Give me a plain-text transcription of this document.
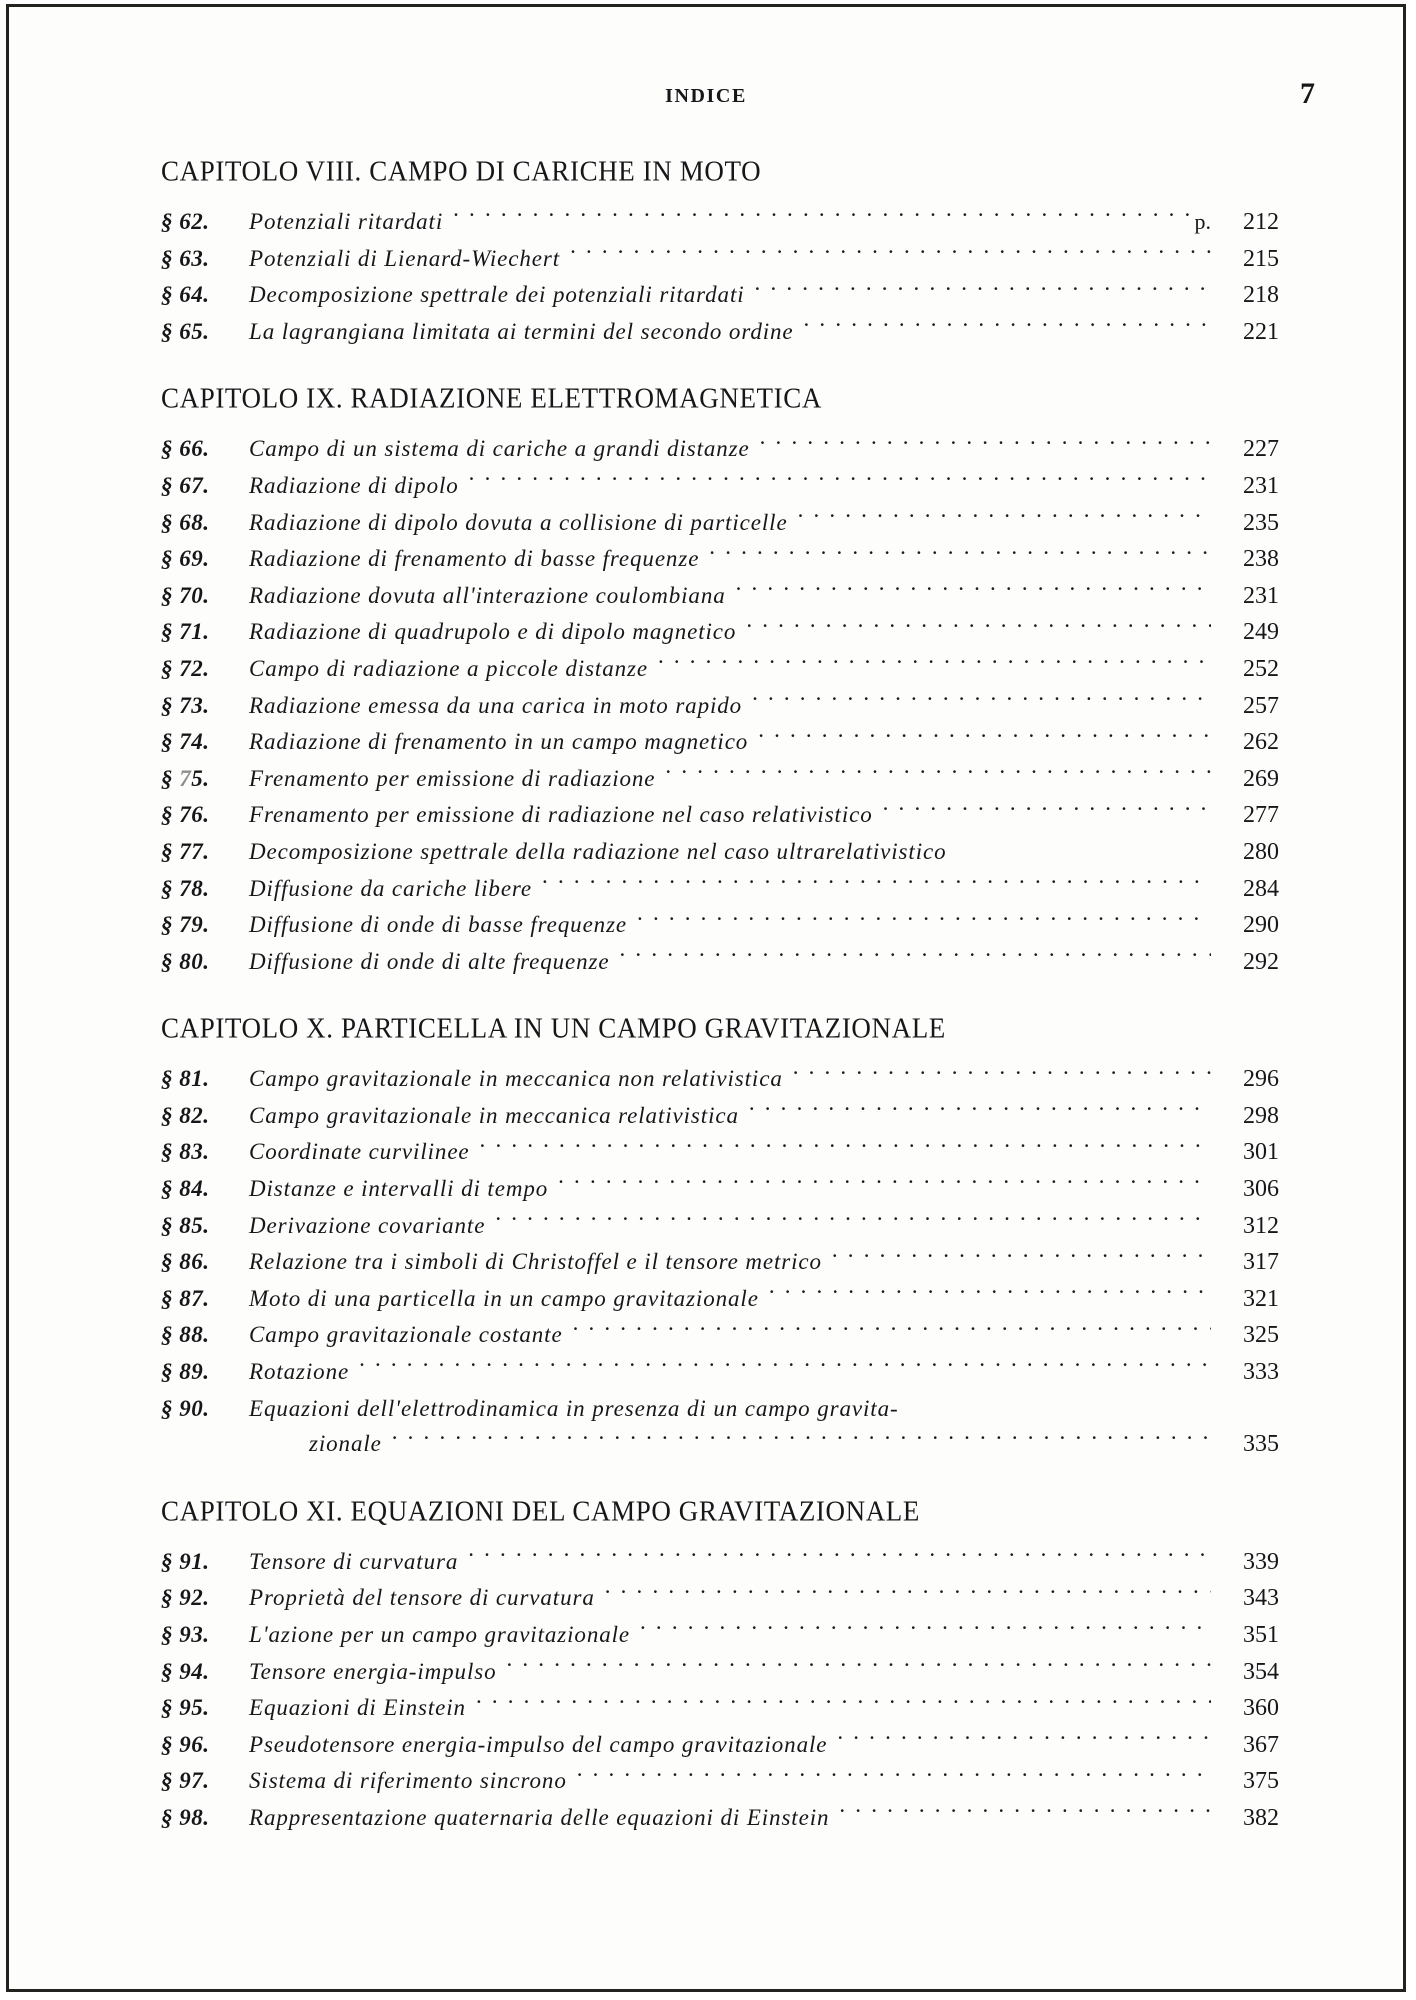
INDICE	7
CAPITOLO VIII. CAMPO DI CARICHE IN MOTO
§ 62.	Potenziali ritardati . . .	p.	212
§ 63.	Potenziali di Lienard-Wiechert . . .	215
§ 64.	Decomposizione spettrale dei potenziali ritardati . . .	218
§ 65.	La lagrangiana limitata ai termini del secondo ordine . . .	221
CAPITOLO IX. RADIAZIONE ELETTROMAGNETICA
§ 66.	Campo di un sistema di cariche a grandi distanze . . .	227
§ 67.	Radiazione di dipolo . . .	231
§ 68.	Radiazione di dipolo dovuta a collisione di particelle . . .	235
§ 69.	Radiazione di frenamento di basse frequenze . . .	238
§ 70.	Radiazione dovuta all'interazione coulombiana . . .	231
§ 71.	Radiazione di quadrupolo e di dipolo magnetico . . .	249
§ 72.	Campo di radiazione a piccole distanze . . .	252
§ 73.	Radiazione emessa da una carica in moto rapido . . .	257
§ 74.	Radiazione di frenamento in un campo magnetico . . .	262
§ 75.	Frenamento per emissione di radiazione . . .	269
§ 76.	Frenamento per emissione di radiazione nel caso relativistico . . .	277
§ 77.	Decomposizione spettrale della radiazione nel caso ultrarelativistico	280
§ 78.	Diffusione da cariche libere . . .	284
§ 79.	Diffusione di onde di basse frequenze . . .	290
§ 80.	Diffusione di onde di alte frequenze . . .	292
CAPITOLO X. PARTICELLA IN UN CAMPO GRAVITAZIONALE
§ 81.	Campo gravitazionale in meccanica non relativistica . . .	296
§ 82.	Campo gravitazionale in meccanica relativistica . . .	298
§ 83.	Coordinate curvilinee . . .	301
§ 84.	Distanze e intervalli di tempo . . .	306
§ 85.	Derivazione covariante . . .	312
§ 86.	Relazione tra i simboli di Christoffel e il tensore metrico . . .	317
§ 87.	Moto di una particella in un campo gravitazionale . . .	321
§ 88.	Campo gravitazionale costante . . .	325
§ 89.	Rotazione . . .	333
§ 90.	Equazioni dell'elettrodinamica in presenza di un campo gravita-
zionale . . .	335
CAPITOLO XI. EQUAZIONI DEL CAMPO GRAVITAZIONALE
§ 91.	Tensore di curvatura . . .	339
§ 92.	Proprietà del tensore di curvatura . . .	343
§ 93.	L'azione per un campo gravitazionale . . .	351
§ 94.	Tensore energia-impulso . . .	354
§ 95.	Equazioni di Einstein . . .	360
§ 96.	Pseudotensore energia-impulso del campo gravitazionale . . .	367
§ 97.	Sistema di riferimento sincrono . . .	375
§ 98.	Rappresentazione quaternaria delle equazioni di Einstein . . .	382
